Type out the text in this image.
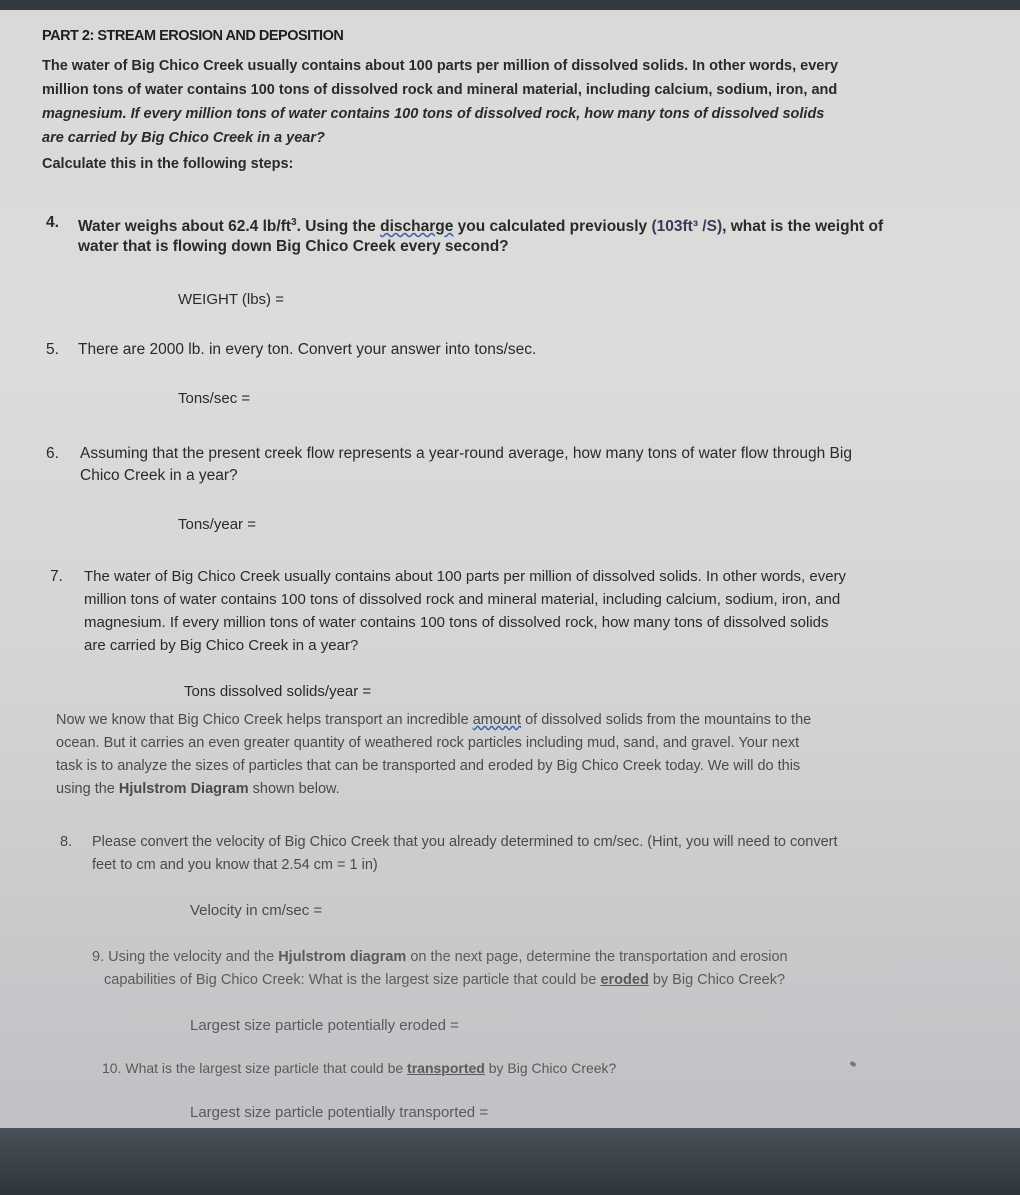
PART 2: STREAM EROSION AND DEPOSITION
The water of Big Chico Creek usually contains about 100 parts per million of dissolved solids. In other words, every
million tons of water contains 100 tons of dissolved rock and mineral material, including calcium, sodium, iron, and
magnesium. If every million tons of water contains 100 tons of dissolved rock, how many tons of dissolved solids
are carried by Big Chico Creek in a year?
Calculate this in the following steps:
4. Water weighs about 62.4 $lb/ft^3$. Using the discharge you calculated previously (103ft³ /S), what is the weight of
water that is flowing down Big Chico Creek every second?
WEIGHT (lbs) =
5. There are 2000 lb. in every ton. Convert your answer into tons/sec.
Tons/sec =
6. Assuming that the present creek flow represents a year-round average, how many tons of water flow through Big
Chico Creek in a year?
Tons/year =
7. The water of Big Chico Creek usually contains about 100 parts per million of dissolved solids. In other words, every
million tons of water contains 100 tons of dissolved rock and mineral material, including calcium, sodium, iron, and
magnesium. If every million tons of water contains 100 tons of dissolved rock, how many tons of dissolved solids
are carried by Big Chico Creek in a year?
Tons dissolved solids/year =
Now we know that Big Chico Creek helps transport an incredible amount of dissolved solids from the mountains to the
ocean. But it carries an even greater quantity of weathered rock particles including mud, sand, and gravel. Your next
task is to analyze the sizes of particles that can be transported and eroded by Big Chico Creek today. We will do this
using the Hjulstrom Diagram shown below.
8. Please convert the velocity of Big Chico Creek that you already determined to cm/sec. (Hint, you will need to convert
feet to cm and you know that 2.54 cm = 1 in)
Velocity in cm/sec =
9. Using the velocity and the Hjulstrom diagram on the next page, determine the transportation and erosion
capabilities of Big Chico Creek: What is the largest size particle that could be eroded by Big Chico Creek?
Largest size particle potentially eroded =
10. What is the largest size particle that could be transported by Big Chico Creek?
Largest size particle potentially transported =
